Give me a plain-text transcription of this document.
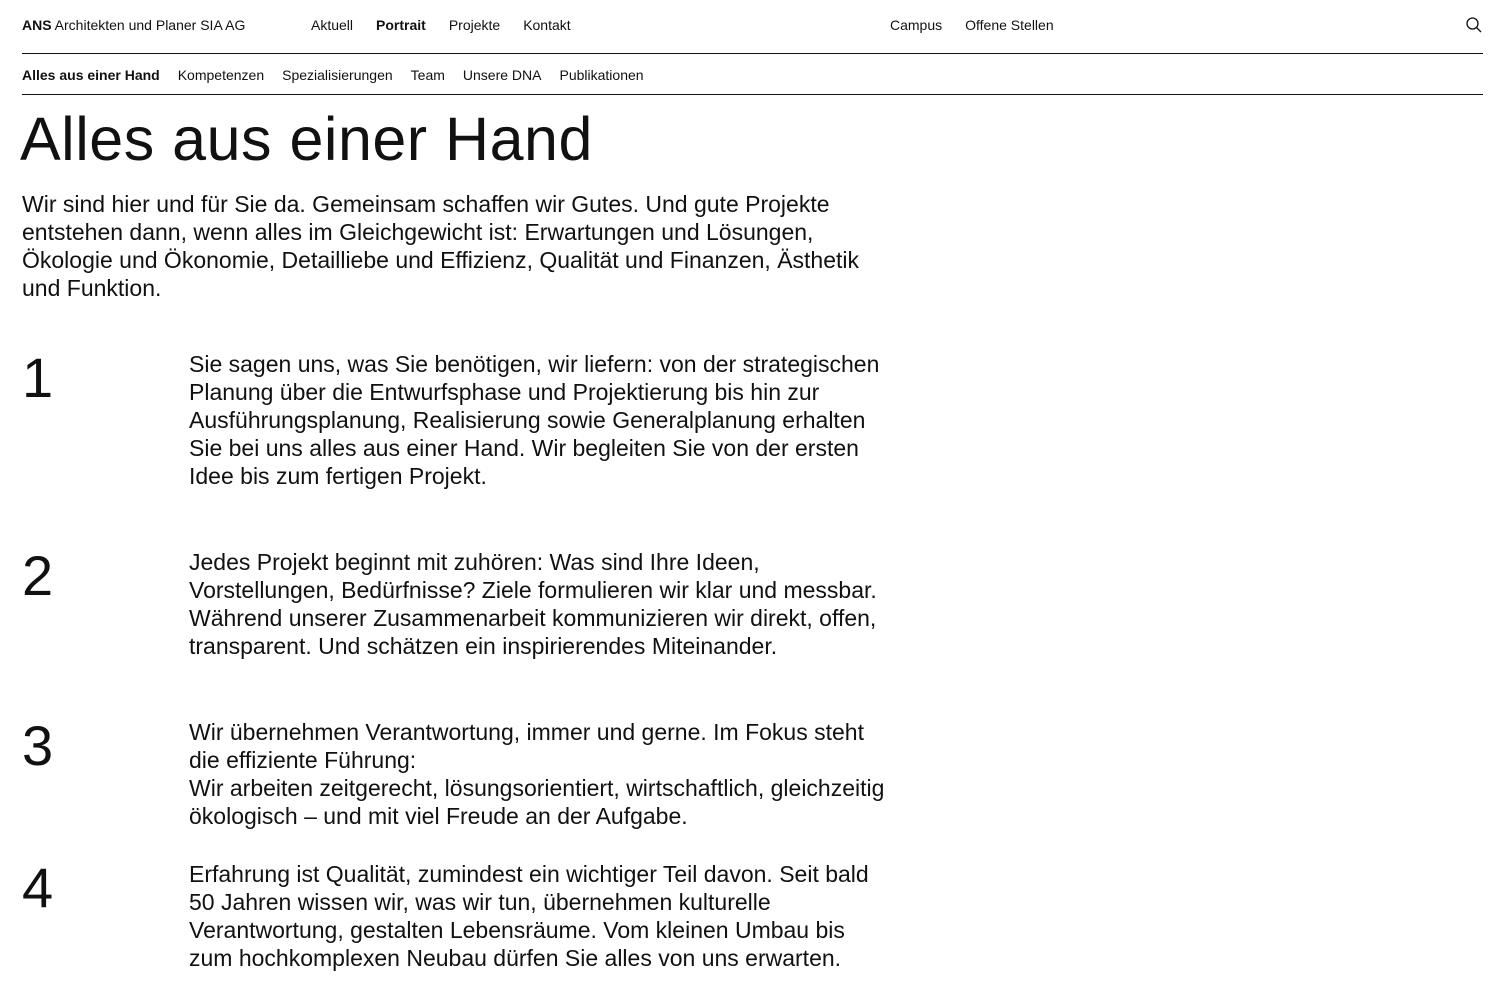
ANS Architekten und Planer SIA AG	Aktuell Portrait Projekte Kontakt	Campus Offene Stellen
Alles aus einer Hand Kompetenzen Spezialisierungen Team Unsere DNA Publikationen
Alles aus einer Hand

Wir sind hier und für Sie da. Gemeinsam schaffen wir Gutes. Und gute Projekte entstehen dann, wenn alles im Gleichgewicht ist: Erwartungen und Lösungen, Ökologie und Ökonomie, Detailliebe und Effizienz, Qualität und Finanzen, Ästhetik und Funktion.

1	Sie sagen uns, was Sie benötigen, wir liefern: von der strategischen Planung über die Entwurfsphase und Projektierung bis hin zur Ausführungsplanung, Realisierung sowie Generalplanung erhalten Sie bei uns alles aus einer Hand. Wir begleiten Sie von der ersten Idee bis zum fertigen Projekt.

2	Jedes Projekt beginnt mit zuhören: Was sind Ihre Ideen, Vorstellungen, Bedürfnisse? Ziele formulieren wir klar und messbar. Während unserer Zusammenarbeit kommunizieren wir direkt, offen, transparent. Und schätzen ein inspirierendes Miteinander.

3	Wir übernehmen Verantwortung, immer und gerne. Im Fokus steht die effiziente Führung:
Wir arbeiten zeitgerecht, lösungsorientiert, wirtschaftlich, gleichzeitig ökologisch – und mit viel Freude an der Aufgabe.
4	Erfahrung ist Qualität, zumindest ein wichtiger Teil davon. Seit bald 50 Jahren wissen wir, was wir tun, übernehmen kulturelle Verantwortung, gestalten Lebensräume. Vom kleinen Umbau bis zum hochkomplexen Neubau dürfen Sie alles von uns erwarten.
